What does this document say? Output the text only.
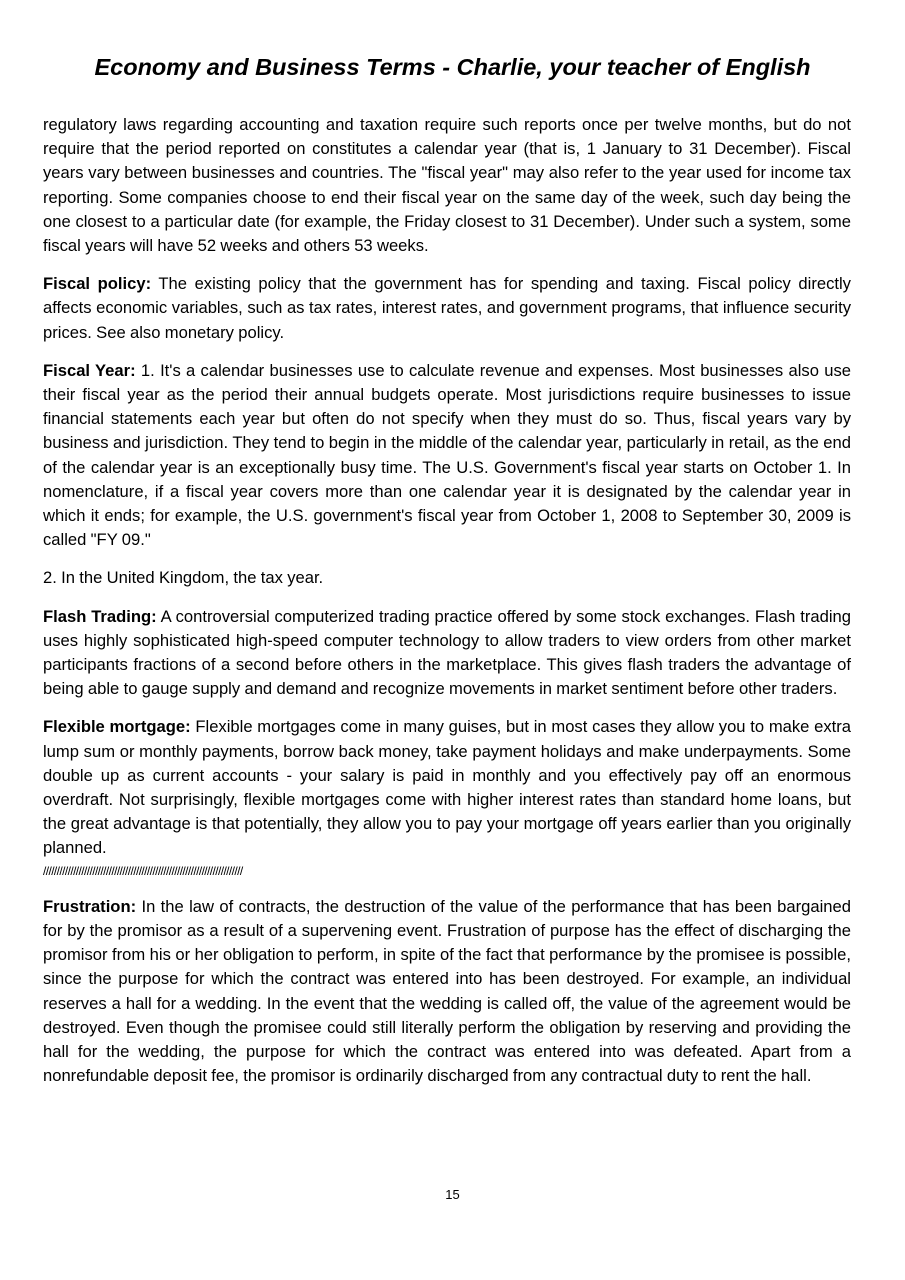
Economy and Business Terms - Charlie, your teacher of English

regulatory laws regarding accounting and taxation require such reports once per twelve months, but do not require that the period reported on constitutes a calendar year (that is, 1 January to 31 December). Fiscal years vary between businesses and countries. The "fiscal year" may also refer to the year used for income tax reporting. Some companies choose to end their fiscal year on the same day of the week, such day being the one closest to a particular date (for example, the Friday closest to 31 December). Under such a system, some fiscal years will have 52 weeks and others 53 weeks.

Fiscal policy: The existing policy that the government has for spending and taxing. Fiscal policy directly affects economic variables, such as tax rates, interest rates, and government programs, that influence security prices. See also monetary policy.

Fiscal Year: 1. It's a calendar businesses use to calculate revenue and expenses. Most businesses also use their fiscal year as the period their annual budgets operate. Most jurisdictions require businesses to issue financial statements each year but often do not specify when they must do so. Thus, fiscal years vary by business and jurisdiction. They tend to begin in the middle of the calendar year, particularly in retail, as the end of the calendar year is an exceptionally busy time. The U.S. Government's fiscal year starts on October 1. In nomenclature, if a fiscal year covers more than one calendar year it is designated by the calendar year in which it ends; for example, the U.S. government's fiscal year from October 1, 2008 to September 30, 2009 is called "FY 09."

2. In the United Kingdom, the tax year.

Flash Trading: A controversial computerized trading practice offered by some stock exchanges. Flash trading uses highly sophisticated high-speed computer technology to allow traders to view orders from other market participants fractions of a second before others in the marketplace. This gives flash traders the advantage of being able to gauge supply and demand and recognize movements in market sentiment before other traders.

Flexible mortgage: Flexible mortgages come in many guises, but in most cases they allow you to make extra lump sum or monthly payments, borrow back money, take payment holidays and make underpayments. Some double up as current accounts - your salary is paid in monthly and you effectively pay off an enormous overdraft. Not surprisingly, flexible mortgages come with higher interest rates than standard home loans, but the great advantage is that potentially, they allow you to pay your mortgage off years earlier than you originally planned.
/////////////////////////////////////////////////////////////////////////

Frustration: In the law of contracts, the destruction of the value of the performance that has been bargained for by the promisor as a result of a supervening event. Frustration of purpose has the effect of discharging the promisor from his or her obligation to perform, in spite of the fact that performance by the promisee is possible, since the purpose for which the contract was entered into has been destroyed. For example, an individual reserves a hall for a wedding. In the event that the wedding is called off, the value of the agreement would be destroyed. Even though the promisee could still literally perform the obligation by reserving and providing the hall for the wedding, the purpose for which the contract was entered into was defeated. Apart from a nonrefundable deposit fee, the promisor is ordinarily discharged from any contractual duty to rent the hall.

15
